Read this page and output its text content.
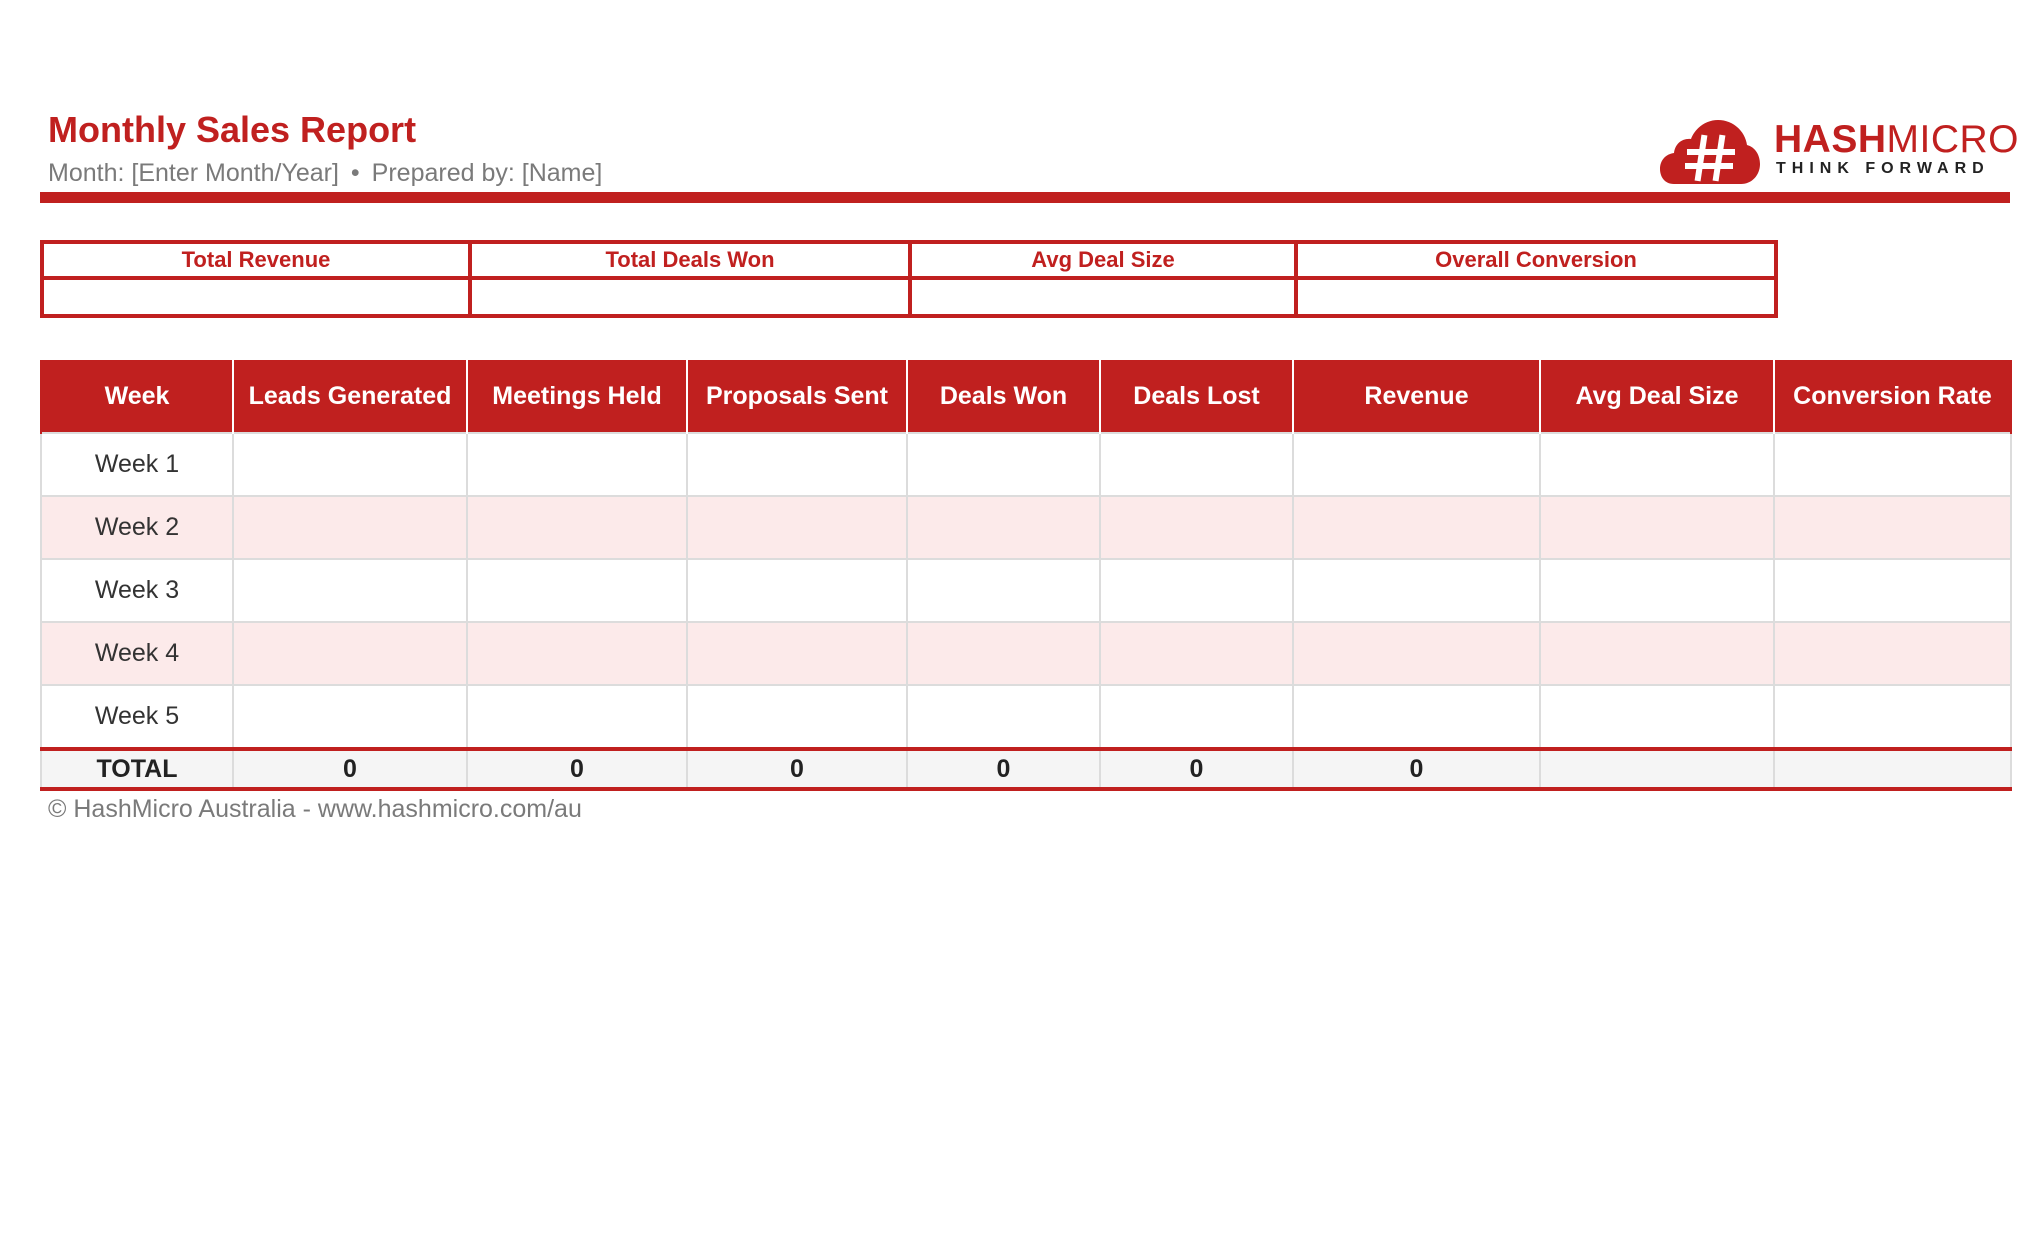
Monthly Sales Report
Month: [Enter Month/Year] • Prepared by: [Name]
HASHMICRO
THINK FORWARD
Total Revenue	Total Deals Won	Avg Deal Size	Overall Conversion

Week	Leads Generated	Meetings Held	Proposals Sent	Deals Won	Deals Lost	Revenue	Avg Deal Size	Conversion Rate
Week 1								
Week 2								
Week 3								
Week 4								
Week 5								
TOTAL	0	0	0	0	0	0		
© HashMicro Australia - www.hashmicro.com/au
